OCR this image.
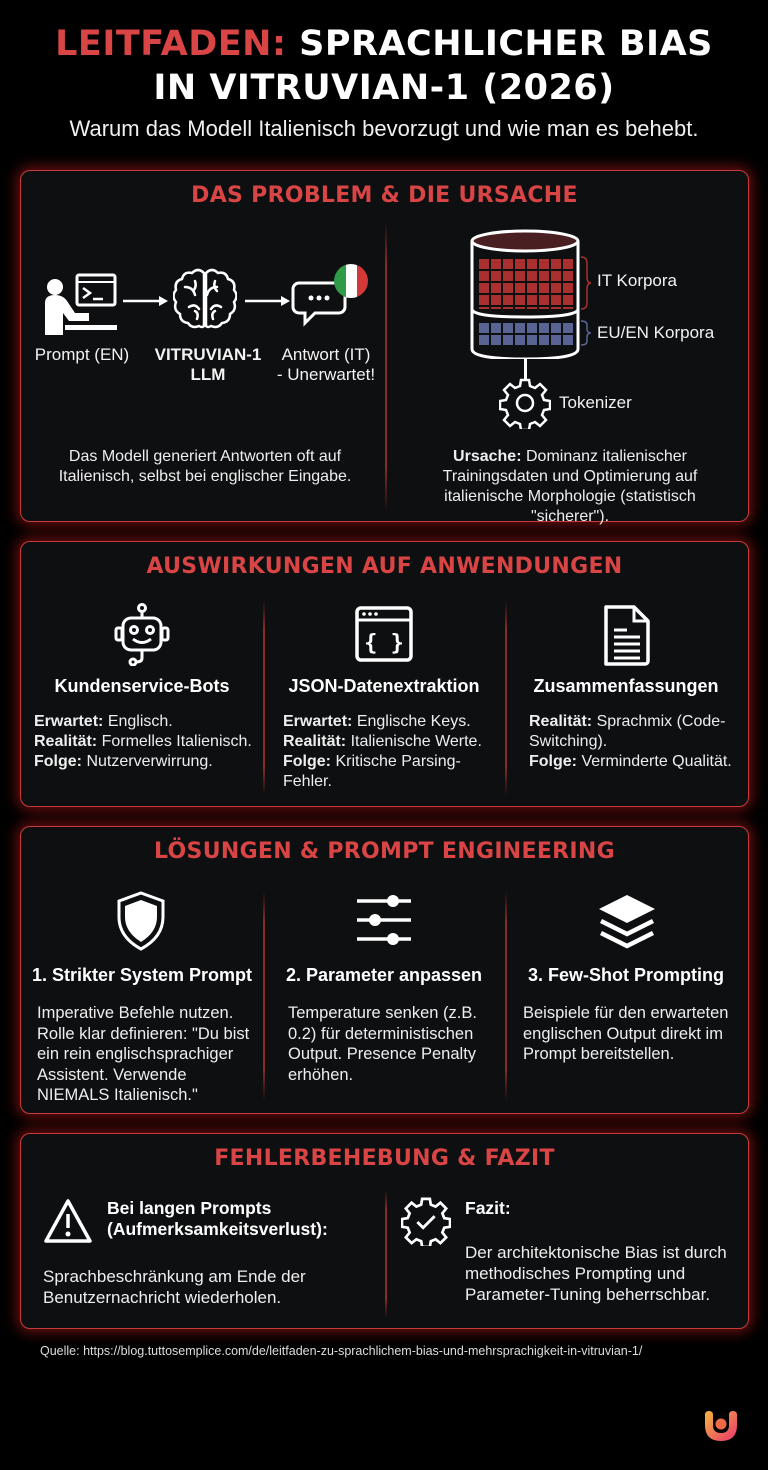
LEITFADEN: SPRACHLICHER BIAS
IN VITRUVIAN-1 (2026)
Warum das Modell Italienisch bevorzugt und wie man es behebt.
DAS PROBLEM & DIE URSACHE
Prompt (EN)	VITRUVIAN-1
LLM
Antwort (IT)
- Unerwartet!
Das Modell generiert Antworten oft auf Italienisch, selbst bei englischer Eingabe.
IT Korpora
EU/EN Korpora
Tokenizer
Ursache: Dominanz italienischer Trainingsdaten und Optimierung auf italienische Morphologie (statistisch "sicherer").
AUSWIRKUNGEN AUF ANWENDUNGEN
{ }
Kundenservice-Bots	JSON-Datenextraktion	Zusammenfassungen
Erwartet: Englisch.
Realität: Formelles Italienisch.
Folge: Nutzerverwirrung.
Erwartet: Englische Keys.
Realität: Italienische Werte.
Folge: Kritische Parsing-Fehler.
Realität: Sprachmix (Code-Switching).
Folge: Verminderte Qualität.
LÖSUNGEN & PROMPT ENGINEERING
1. Strikter System Prompt	2. Parameter anpassen	3. Few-Shot Prompting
Imperative Befehle nutzen. Rolle klar definieren: "Du bist ein rein englischsprachiger Assistent. Verwende NIEMALS Italienisch."
Temperature senken (z.B. 0.2) für deterministischen Output. Presence Penalty erhöhen.
Beispiele für den erwarteten englischen Output direkt im Prompt bereitstellen.
FEHLERBEHEBUNG & FAZIT
Bei langen Prompts
(Aufmerksamkeitsverlust):
Sprachbeschränkung am Ende der Benutzernachricht wiederholen.
Fazit:
Der architektonische Bias ist durch methodisches Prompting und Parameter-Tuning beherrschbar.
Quelle: https://blog.tuttosemplice.com/de/leitfaden-zu-sprachlichem-bias-und-mehrsprachigkeit-in-vitruvian-1/
